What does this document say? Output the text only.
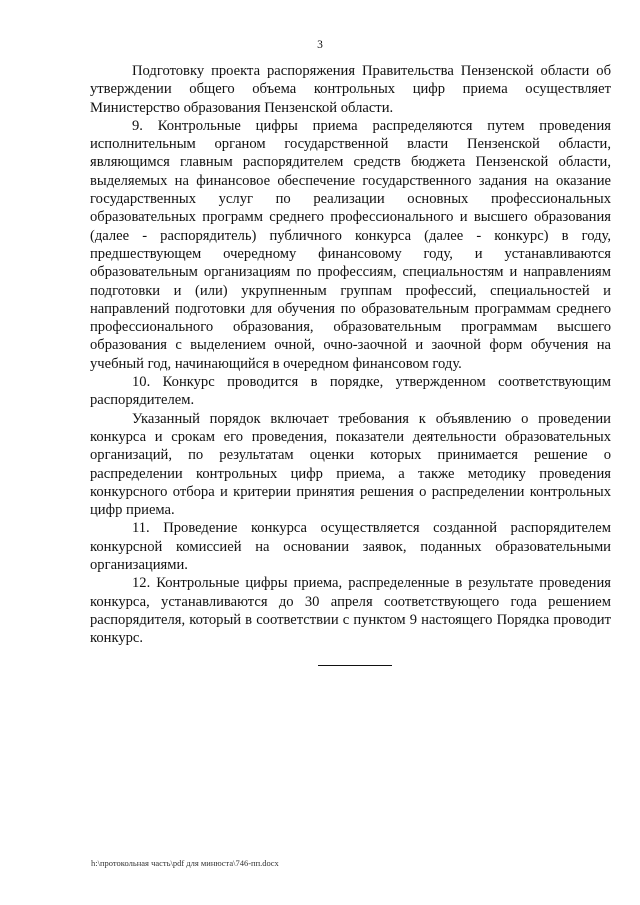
3

Подготовку проекта распоряжения Правительства Пензенской области об утверждении общего объема контрольных цифр приема осуществляет Министерство образования Пензенской области.

9. Контрольные цифры приема распределяются путем проведения исполнительным органом государственной власти Пензенской области, являющимся главным распорядителем средств бюджета Пензенской области, выделяемых на финансовое обеспечение государственного задания на оказание государственных услуг по реализации основных профессиональных образовательных программ среднего профессионального и высшего образования (далее - распорядитель) публичного конкурса (далее - конкурс) в году, предшествующем очередному финансовому году, и устанавливаются образовательным организациям по профессиям, специальностям и направлениям подготовки и (или) укрупненным группам профессий, специальностей и направлений подготовки для обучения по образовательным программам среднего профессионального образования, образовательным программам высшего образования с выделением очной, очно-заочной и заочной форм обучения на учебный год, начинающийся в очередном финансовом году.

10. Конкурс проводится в порядке, утвержденном соответствующим распорядителем.

Указанный порядок включает требования к объявлению о проведении конкурса и срокам его проведения, показатели деятельности образовательных организаций, по результатам оценки которых принимается решение о распределении контрольных цифр приема, а также методику проведения конкурсного отбора и критерии принятия решения о распределении контрольных цифр приема.

11. Проведение конкурса осуществляется созданной распорядителем конкурсной комиссией на основании заявок, поданных образовательными организациями.

12. Контрольные цифры приема, распределенные в результате проведения конкурса, устанавливаются до 30 апреля соответствующего года решением распорядителя, который в соответствии с пунктом 9 настоящего Порядка проводит конкурс.

h:\протокольная часть\pdf для минюста\746-пп.docx
